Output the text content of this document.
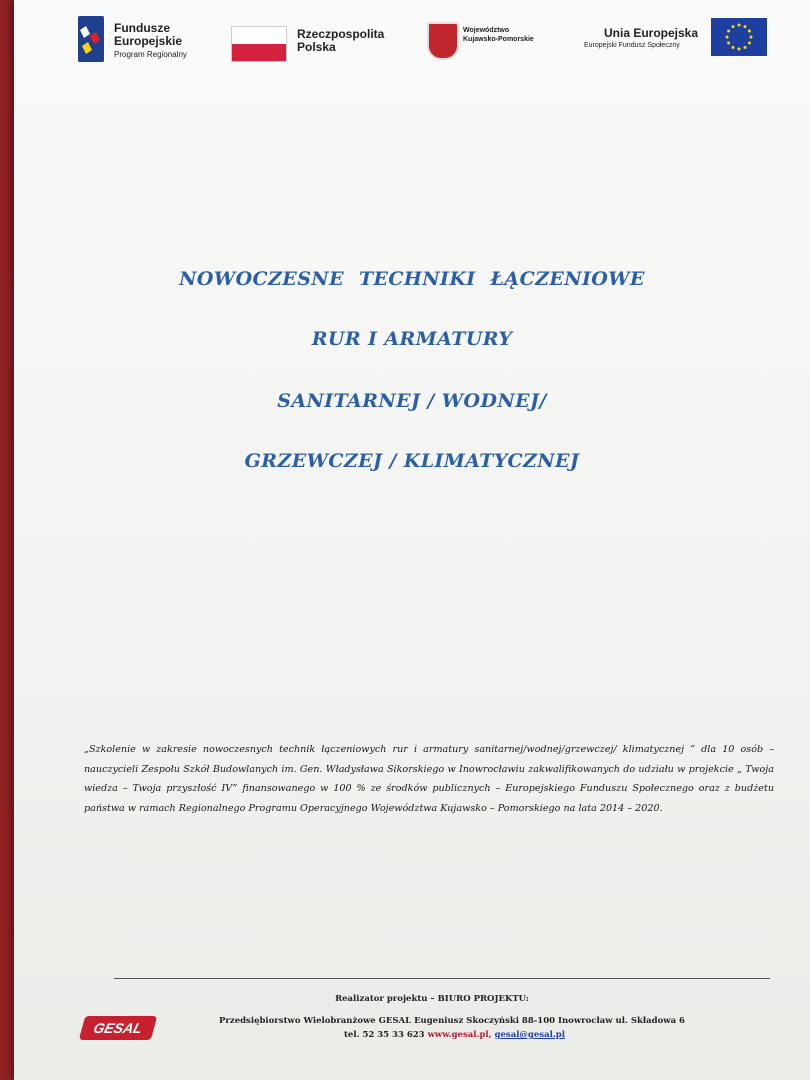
Fundusze
Europejskie
Program Regionalny
Rzeczpospolita
Polska
Województwo
Kujawsko-Pomorskie	Unia Europejska
Europejski Fundusz Społeczny
NOWOCZESNE TECHNIKI ŁĄCZENIOWE
RUR I ARMATURY
SANITARNEJ / WODNEJ/
GRZEWCZEJ / KLIMATYCZNEJ
„Szkolenie w zakresie nowoczesnych technik łączeniowych rur i armatury sanitarnej/wodnej/grzewczej/ klimatycznej ” dla 10 osób – nauczycieli Zespołu Szkół Budowlanych im. Gen. Władysława Sikorskiego w Inowrocławiu zakwalifikowanych do udziału w projekcie „ Twoja wiedza – Twoja przyszłość IV” finansowanego w 100 % ze środków publicznych – Europejskiego Funduszu Społecznego oraz z budżetu państwa w ramach Regionalnego Programu Operacyjnego Województwa Kujawsko – Pomorskiego na lata 2014 – 2020.
GESAL
Realizator projektu – BIURO PROJEKTU:
Przedsiębiorstwo Wielobranżowe GESAL Eugeniusz Skoczyński 88-100 Inowrocław ul. Składowa 6
tel. 52 35 33 623 www.gesal.pl, gesal@gesal.pl
